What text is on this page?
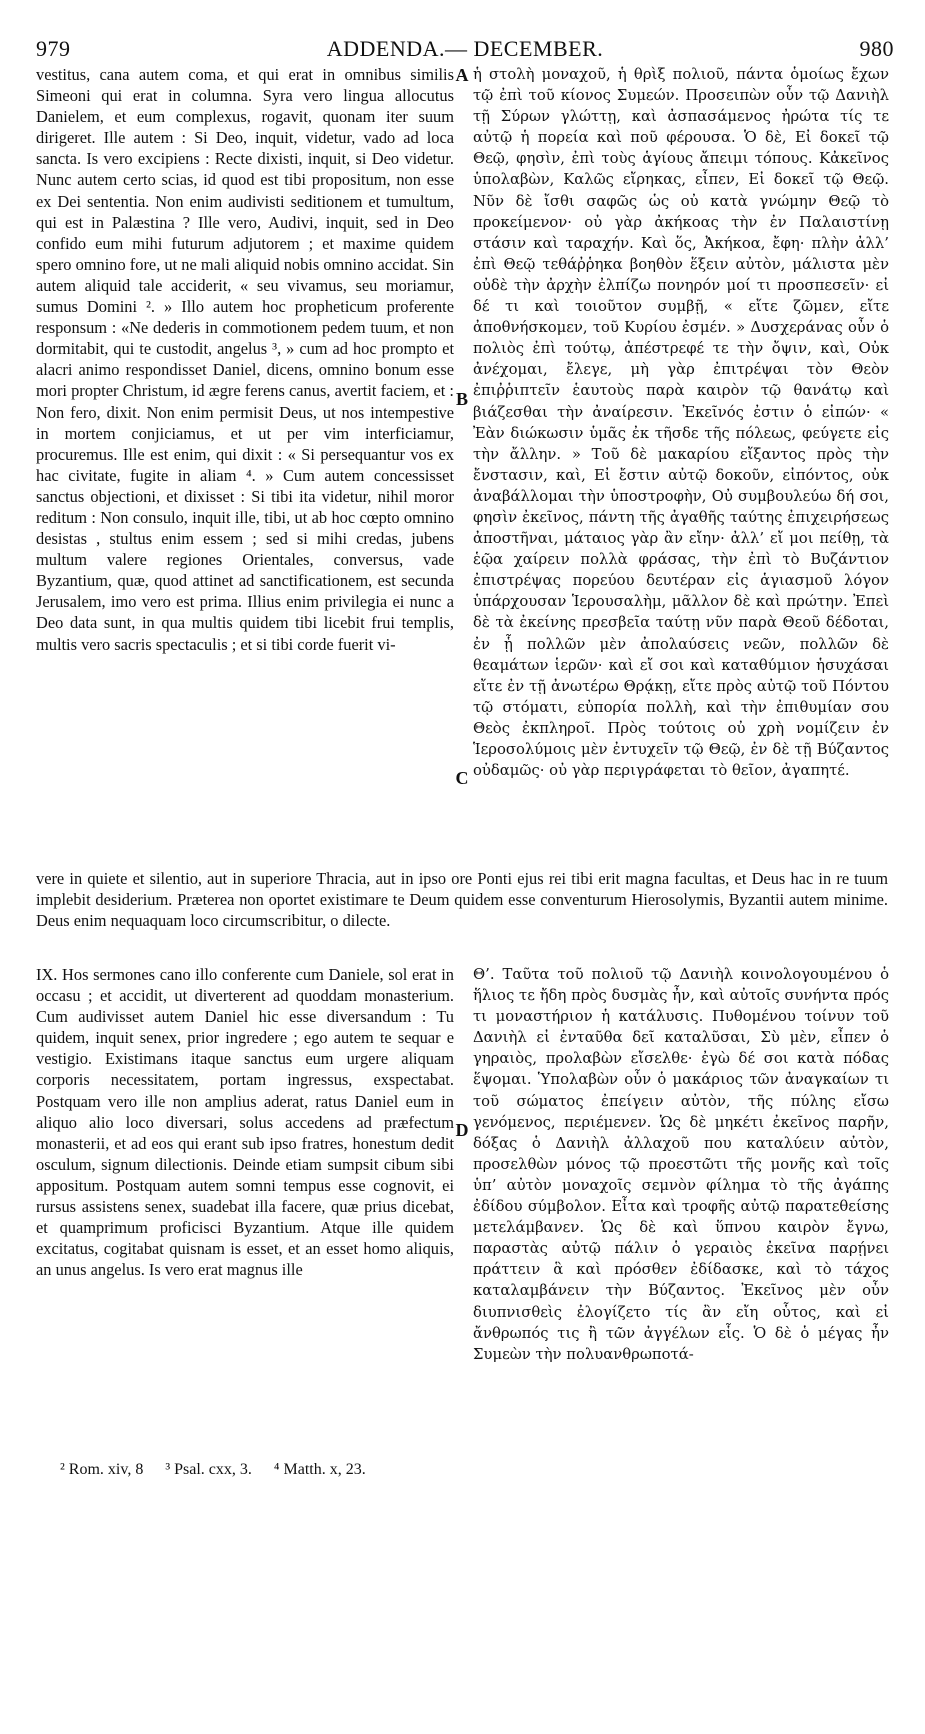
979	ADDENDA.— DECEMBER.	980

vestitus, cana autem coma, et qui erat in omnibus similis Simeoni qui erat in columna. Syra vero lingua allocutus Danielem, et eum complexus, rogavit, quonam iter suum dirigeret. Ille autem : Si Deo, inquit, videtur, vado ad loca sancta. Is vero excipiens : Recte dixisti, inquit, si Deo videtur. Nunc autem certo scias, id quod est tibi propositum, non esse ex Dei sententia. Non enim audivisti seditionem et tumultum, qui est in Palæstina ? Ille vero, Audivi, inquit, sed in Deo confido eum mihi futurum adjutorem ; et maxime quidem spero omnino fore, ut ne mali aliquid nobis omnino accidat. Sin autem aliquid tale acciderit, « seu vivamus, seu moriamur, sumus Domini ². » Illo autem hoc propheticum proferente responsum : «Ne dederis in commotionem pedem tuum, et non dormitabit, qui te custodit, angelus ³, » cum ad hoc prompto et alacri animo respondisset Daniel, dicens, omnino bonum esse mori propter Christum, id ægre ferens canus, avertit faciem, et : Non fero, dixit. Non enim permisit Deus, ut nos intempestive in mortem conjiciamus, et ut per vim interficiamur, procuremus. Ille est enim, qui dixit : « Si persequantur vos ex hac civitate, fugite in aliam ⁴. » Cum autem concessisset sanctus objectioni, et dixisset : Si tibi ita videtur, nihil moror reditum : Non consulo, inquit ille, tibi, ut ab hoc cœpto omnino desistas , stultus enim essem ; sed si mihi credas, jubens multum valere regiones Orientales, conversus, vade Byzantium, quæ, quod attinet ad sanctificationem, est secunda Jerusalem, imo vero est prima. Illius enim privilegia ei nunc a Deo data sunt, in qua multis quidem tibi licebit frui templis, multis vero sacris spectaculis ; et si tibi corde fuerit vi-

ἡ στολὴ μοναχοῦ, ἡ θρὶξ πολιοῦ, πάντα ὁμοίως ἔχων τῷ ἐπὶ τοῦ κίονος Συμεών. Προσειπὼν οὖν τῷ Δανιὴλ τῇ Σύρων γλώττῃ, καὶ ἀσπασάμενος ἠρώτα τίς τε αὐτῷ ἡ πορεία καὶ ποῦ φέρουσα. Ὁ δὲ, Εἰ δοκεῖ τῷ Θεῷ, φησὶν, ἐπὶ τοὺς ἁγίους ἄπειμι τόπους. Κἀκεῖνος ὑπολαβὼν, Καλῶς εἴρηκας, εἶπεν, Εἰ δοκεῖ τῷ Θεῷ. Νῦν δὲ ἴσθι σαφῶς ὡς οὐ κατὰ γνώμην Θεῷ τὸ προκείμενον· οὐ γὰρ ἀκήκοας τὴν ἐν Παλαιστίνῃ στάσιν καὶ ταραχήν. Καὶ ὅς, Ἀκήκοα, ἔφη· πλὴν ἀλλ’ ἐπὶ Θεῷ τεθάῤῥηκα βοηθὸν ἕξειν αὐτὸν, μάλιστα μὲν οὐδὲ τὴν ἀρχὴν ἐλπίζω πονηρόν μοί τι προσπεσεῖν· εἰ δέ τι καὶ τοιοῦτον συμβῇ, « εἴτε ζῶμεν, εἴτε ἀποθνήσκομεν, τοῦ Κυρίου ἐσμέν. » Δυσχεράνας οὖν ὁ πολιὸς ἐπὶ τούτῳ, ἀπέστρεφέ τε τὴν ὄψιν, καὶ, Οὐκ ἀνέχομαι, ἔλεγε, μὴ γὰρ ἐπιτρέψαι τὸν Θεὸν ἐπιῤῥιπτεῖν ἑαυτοὺς παρὰ καιρὸν τῷ θανάτῳ καὶ βιάζεσθαι τὴν ἀναίρεσιν. Ἐκεῖνός ἐστιν ὁ εἰπών· « Ἐὰν διώκωσιν ὑμᾶς ἐκ τῆσδε τῆς πόλεως, φεύγετε εἰς τὴν ἄλλην. » Τοῦ δὲ μακαρίου εἴξαντος πρὸς τὴν ἔνστασιν, καὶ, Εἰ ἔστιν αὐτῷ δοκοῦν, εἰπόντος, οὐκ ἀναβάλλομαι τὴν ὑποστροφὴν, Οὐ συμβουλεύω δή σοι, φησὶν ἐκεῖνος, πάντη τῆς ἀγαθῆς ταύτης ἐπιχειρήσεως ἀποστῆναι, μάταιος γὰρ ἂν εἴην· ἀλλ’ εἴ μοι πείθῃ, τὰ ἑῷα χαίρειν πολλὰ φράσας, τὴν ἐπὶ τὸ Βυζάντιον ἐπιστρέψας πορεύου δευτέραν εἰς ἁγιασμοῦ λόγον ὑπάρχουσαν Ἱερουσαλὴμ, μᾶλλον δὲ καὶ πρώτην. Ἐπεὶ δὲ τὰ ἐκείνης πρεσβεῖα ταύτῃ νῦν παρὰ Θεοῦ δέδοται, ἐν ᾗ πολλῶν μὲν ἀπολαύσεις νεῶν, πολλῶν δὲ θεαμάτων ἱερῶν· καὶ εἴ σοι καὶ καταθύμιον ἡσυχάσαι εἴτε ἐν τῇ ἀνωτέρω Θρᾴκῃ, εἴτε πρὸς αὐτῷ τοῦ Πόντου τῷ στόματι, εὐπορία πολλὴ, καὶ τὴν ἐπιθυμίαν σου Θεὸς ἐκπληροῖ. Πρὸς τούτοις οὐ χρὴ νομίζειν ἐν Ἱεροσολύμοις μὲν ἐντυχεῖν τῷ Θεῷ, ἐν δὲ τῇ Βύζαντος οὐδαμῶς· οὐ γὰρ περιγράφεται τὸ θεῖον, ἀγαπητέ.

A
B
C
D

vere in quiete et silentio, aut in superiore Thracia, aut in ipso ore Ponti ejus rei tibi erit magna facultas, et Deus hac in re tuum implebit desiderium. Præterea non oportet existimare te Deum quidem esse conventurum Hierosolymis, Byzantii autem minime. Deus enim nequaquam loco circumscribitur, o dilecte.

IX. Hos sermones cano illo conferente cum Daniele, sol erat in occasu ; et accidit, ut diverterent ad quoddam monasterium. Cum audivisset autem Daniel hic esse diversandum : Tu quidem, inquit senex, prior ingredere ; ego autem te sequar e vestigio. Existimans itaque sanctus eum urgere aliquam corporis necessitatem, portam ingressus, exspectabat. Postquam vero ille non amplius aderat, ratus Daniel eum in aliquo alio loco diversari, solus accedens ad præfectum monasterii, et ad eos qui erant sub ipso fratres, honestum dedit osculum, signum dilectionis. Deinde etiam sumpsit cibum sibi appositum. Postquam autem somni tempus esse cognovit, ei rursus assistens senex, suadebat illa facere, quæ prius dicebat, et quamprimum proficisci Byzantium. Atque ille quidem excitatus, cogitabat quisnam is esset, et an esset homo aliquis, an unus angelus. Is vero erat magnus ille

Θ’. Ταῦτα τοῦ πολιοῦ τῷ Δανιὴλ κοινολογουμένου ὁ ἥλιος τε ἤδη πρὸς δυσμὰς ἦν, καὶ αὐτοῖς συνήντα πρός τι μοναστήριον ἡ κατάλυσις. Πυθομένου τοίνυν τοῦ Δανιὴλ εἰ ἐνταῦθα δεῖ καταλῦσαι, Σὺ μὲν, εἶπεν ὁ γηραιὸς, προλαβὼν εἴσελθε· ἐγὼ δέ σοι κατὰ πόδας ἕψομαι. Ὑπολαβὼν οὖν ὁ μακάριος τῶν ἀναγκαίων τι τοῦ σώματος ἐπείγειν αὐτὸν, τῆς πύλης εἴσω γενόμενος, περιέμενεν. Ὡς δὲ μηκέτι ἐκεῖνος παρῆν, δόξας ὁ Δανιὴλ ἀλλαχοῦ που καταλύειν αὐτὸν, προσελθὼν μόνος τῷ προεστῶτι τῆς μονῆς καὶ τοῖς ὑπ’ αὐτὸν μοναχοῖς σεμνὸν φίλημα τὸ τῆς ἀγάπης ἐδίδου σύμβολον. Εἶτα καὶ τροφῆς αὐτῷ παρατεθείσης μετελάμβανεν. Ὡς δὲ καὶ ὕπνου καιρὸν ἔγνω, παραστὰς αὐτῷ πάλιν ὁ γεραιὸς ἐκεῖνα παρῄνει πράττειν ἃ καὶ πρόσθεν ἐδίδασκε, καὶ τὸ τάχος καταλαμβάνειν τὴν Βύζαντος. Ἐκεῖνος μὲν οὖν διυπνισθεὶς ἐλογίζετο τίς ἂν εἴη οὗτος, καὶ εἰ ἄνθρωπός τις ἢ τῶν ἀγγέλων εἷς. Ὁ δὲ ὁ μέγας ἦν Συμεὼν τὴν πολυανθρωποτά-

² Rom. xiv, 8 ³ Psal. cxx, 3. ⁴ Matth. x, 23.
